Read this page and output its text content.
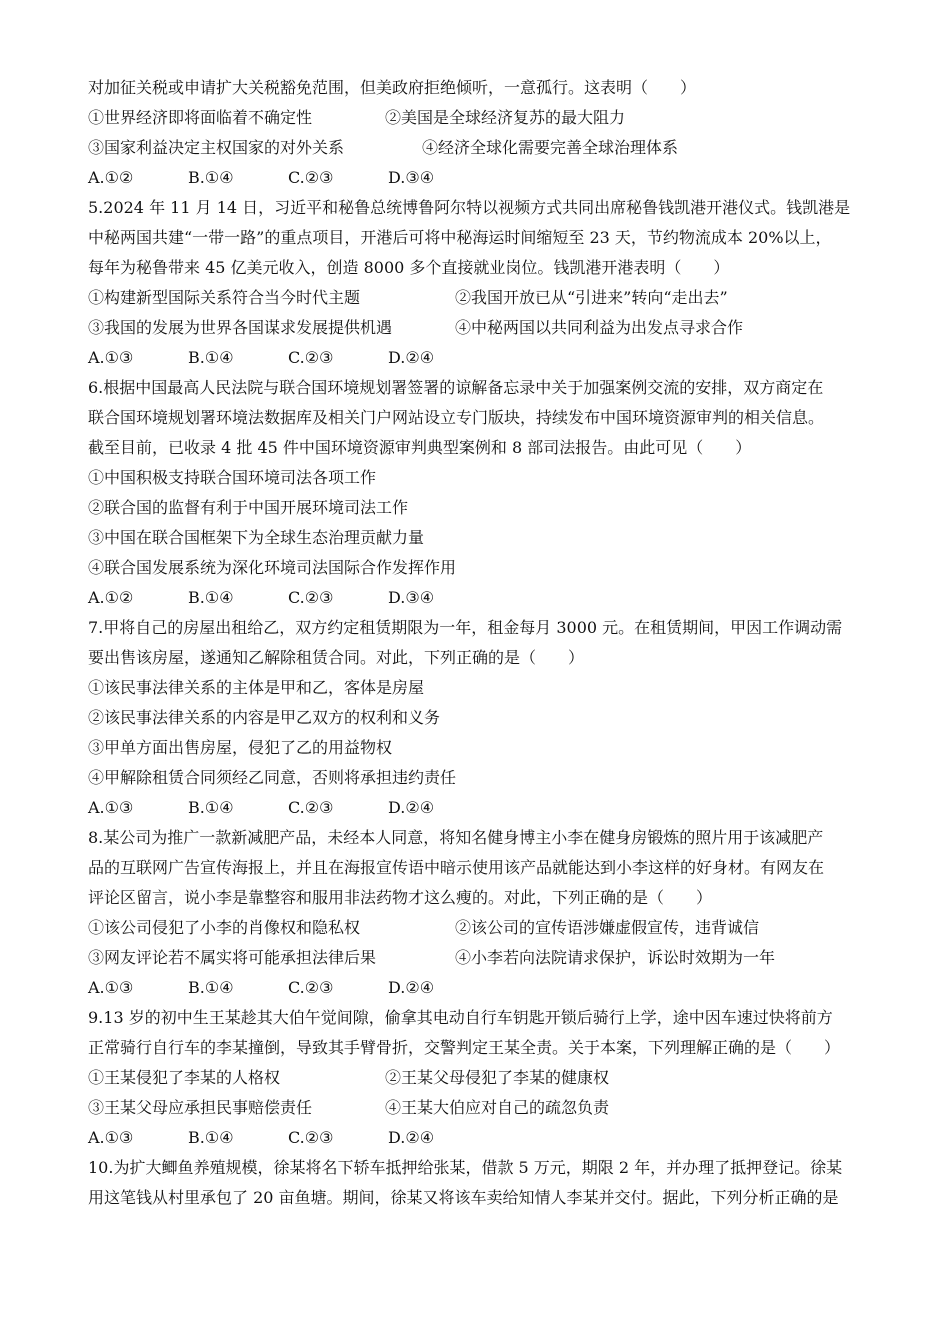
对加征关税或申请扩大关税豁免范围，但美政府拒绝倾听，一意孤行。这表明（　　）
①世界经济即将面临着不确定性	②美国是全球经济复苏的最大阻力
③国家利益决定主权国家的对外关系	④经济全球化需要完善全球治理体系
A.①②	B.①④	C.②③	D.③④
5.2024 年 11 月 14 日，习近平和秘鲁总统博鲁阿尔特以视频方式共同出席秘鲁钱凯港开港仪式。钱凯港是
中秘两国共建“一带一路”的重点项目，开港后可将中秘海运时间缩短至 23 天，节约物流成本 20%以上，
每年为秘鲁带来 45 亿美元收入，创造 8000 多个直接就业岗位。钱凯港开港表明（　　）
①构建新型国际关系符合当今时代主题	②我国开放已从“引进来”转向“走出去”
③我国的发展为世界各国谋求发展提供机遇	④中秘两国以共同利益为出发点寻求合作
A.①③	B.①④	C.②③	D.②④
6.根据中国最高人民法院与联合国环境规划署签署的谅解备忘录中关于加强案例交流的安排，双方商定在
联合国环境规划署环境法数据库及相关门户网站设立专门版块，持续发布中国环境资源审判的相关信息。
截至目前，已收录 4 批 45 件中国环境资源审判典型案例和 8 部司法报告。由此可见（　　）
①中国积极支持联合国环境司法各项工作
②联合国的监督有利于中国开展环境司法工作
③中国在联合国框架下为全球生态治理贡献力量
④联合国发展系统为深化环境司法国际合作发挥作用
A.①②	B.①④	C.②③	D.③④
7.甲将自己的房屋出租给乙，双方约定租赁期限为一年，租金每月 3000 元。在租赁期间，甲因工作调动需
要出售该房屋，遂通知乙解除租赁合同。对此，下列正确的是（　　）
①该民事法律关系的主体是甲和乙，客体是房屋
②该民事法律关系的内容是甲乙双方的权利和义务
③甲单方面出售房屋，侵犯了乙的用益物权
④甲解除租赁合同须经乙同意，否则将承担违约责任
A.①③	B.①④	C.②③	D.②④
8.某公司为推广一款新减肥产品，未经本人同意，将知名健身博主小李在健身房锻炼的照片用于该减肥产
品的互联网广告宣传海报上，并且在海报宣传语中暗示使用该产品就能达到小李这样的好身材。有网友在
评论区留言，说小李是靠整容和服用非法药物才这么瘦的。对此，下列正确的是（　　）
①该公司侵犯了小李的肖像权和隐私权	②该公司的宣传语涉嫌虚假宣传，违背诚信
③网友评论若不属实将可能承担法律后果	④小李若向法院请求保护，诉讼时效期为一年
A.①③	B.①④	C.②③	D.②④
9.13 岁的初中生王某趁其大伯午觉间隙，偷拿其电动自行车钥匙开锁后骑行上学，途中因车速过快将前方
正常骑行自行车的李某撞倒，导致其手臂骨折，交警判定王某全责。关于本案，下列理解正确的是（　　）
①王某侵犯了李某的人格权	②王某父母侵犯了李某的健康权
③王某父母应承担民事赔偿责任	④王某大伯应对自己的疏忽负责
A.①③	B.①④	C.②③	D.②④
10.为扩大鲫鱼养殖规模，徐某将名下轿车抵押给张某，借款 5 万元，期限 2 年，并办理了抵押登记。徐某
用这笔钱从村里承包了 20 亩鱼塘。期间，徐某又将该车卖给知情人李某并交付。据此，下列分析正确的是
